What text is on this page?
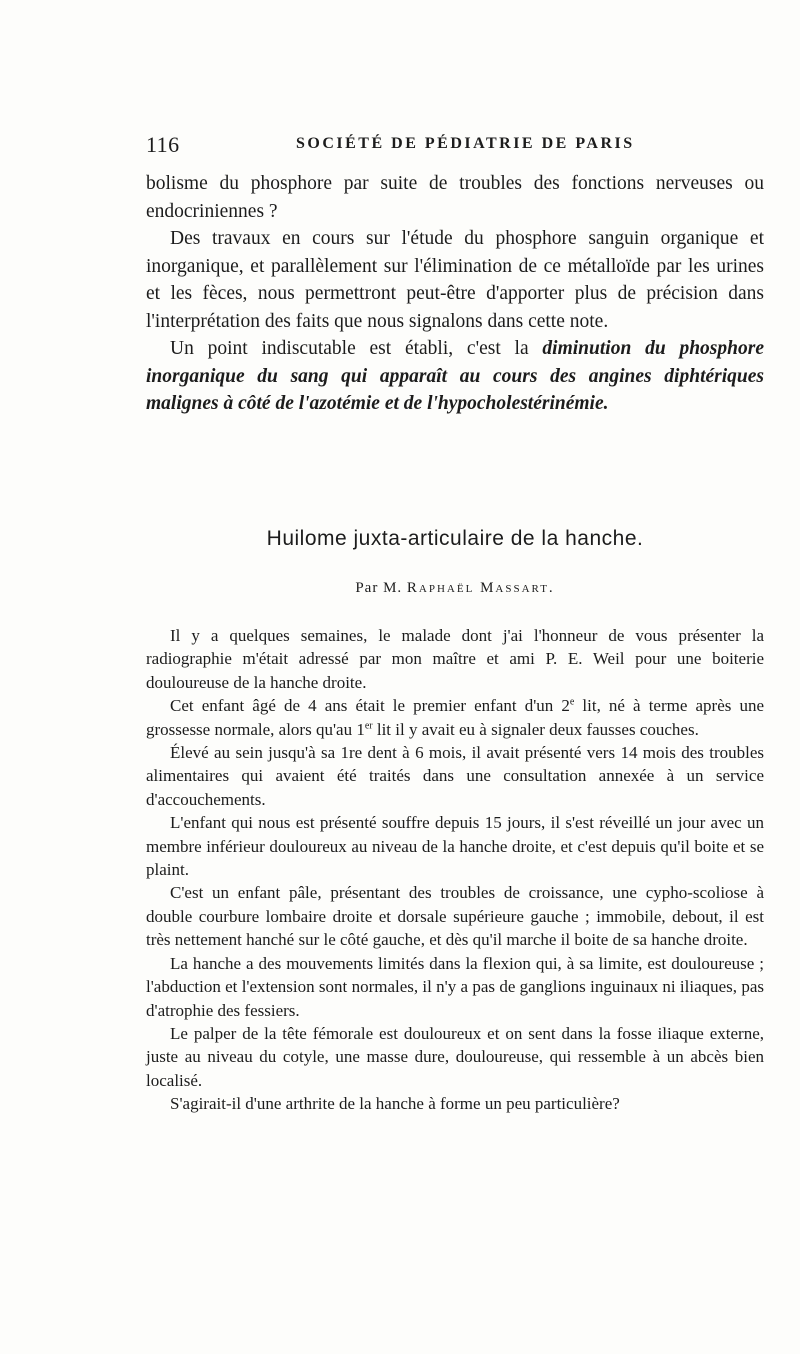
116	SOCIÉTÉ DE PÉDIATRIE DE PARIS

bolisme du phosphore par suite de troubles des fonctions nerveuses ou endocriniennes ?

Des travaux en cours sur l'étude du phosphore sanguin organique et inorganique, et parallèlement sur l'élimination de ce métalloïde par les urines et les fèces, nous permettront peut-être d'apporter plus de précision dans l'interprétation des faits que nous signalons dans cette note.

Un point indiscutable est établi, c'est la diminution du phosphore inorganique du sang qui apparaît au cours des angines diphtériques malignes à côté de l'azotémie et de l'hypocholestérinémie.

Huilome juxta-articulaire de la hanche.
Par M. Raphaël Massart.

Il y a quelques semaines, le malade dont j'ai l'honneur de vous présenter la radiographie m'était adressé par mon maître et ami P. E. Weil pour une boiterie douloureuse de la hanche droite.

Cet enfant âgé de 4 ans était le premier enfant d'un 2e lit, né à terme après une grossesse normale, alors qu'au 1er lit il y avait eu à signaler deux fausses couches.

Élevé au sein jusqu'à sa 1re dent à 6 mois, il avait présenté vers 14 mois des troubles alimentaires qui avaient été traités dans une consultation annexée à un service d'accouchements.

L'enfant qui nous est présenté souffre depuis 15 jours, il s'est réveillé un jour avec un membre inférieur douloureux au niveau de la hanche droite, et c'est depuis qu'il boite et se plaint.

C'est un enfant pâle, présentant des troubles de croissance, une cypho-scoliose à double courbure lombaire droite et dorsale supérieure gauche ; immobile, debout, il est très nettement hanché sur le côté gauche, et dès qu'il marche il boite de sa hanche droite.

La hanche a des mouvements limités dans la flexion qui, à sa limite, est douloureuse ; l'abduction et l'extension sont normales, il n'y a pas de ganglions inguinaux ni iliaques, pas d'atrophie des fessiers.

Le palper de la tête fémorale est douloureux et on sent dans la fosse iliaque externe, juste au niveau du cotyle, une masse dure, douloureuse, qui ressemble à un abcès bien localisé.

S'agirait-il d'une arthrite de la hanche à forme un peu particulière?
